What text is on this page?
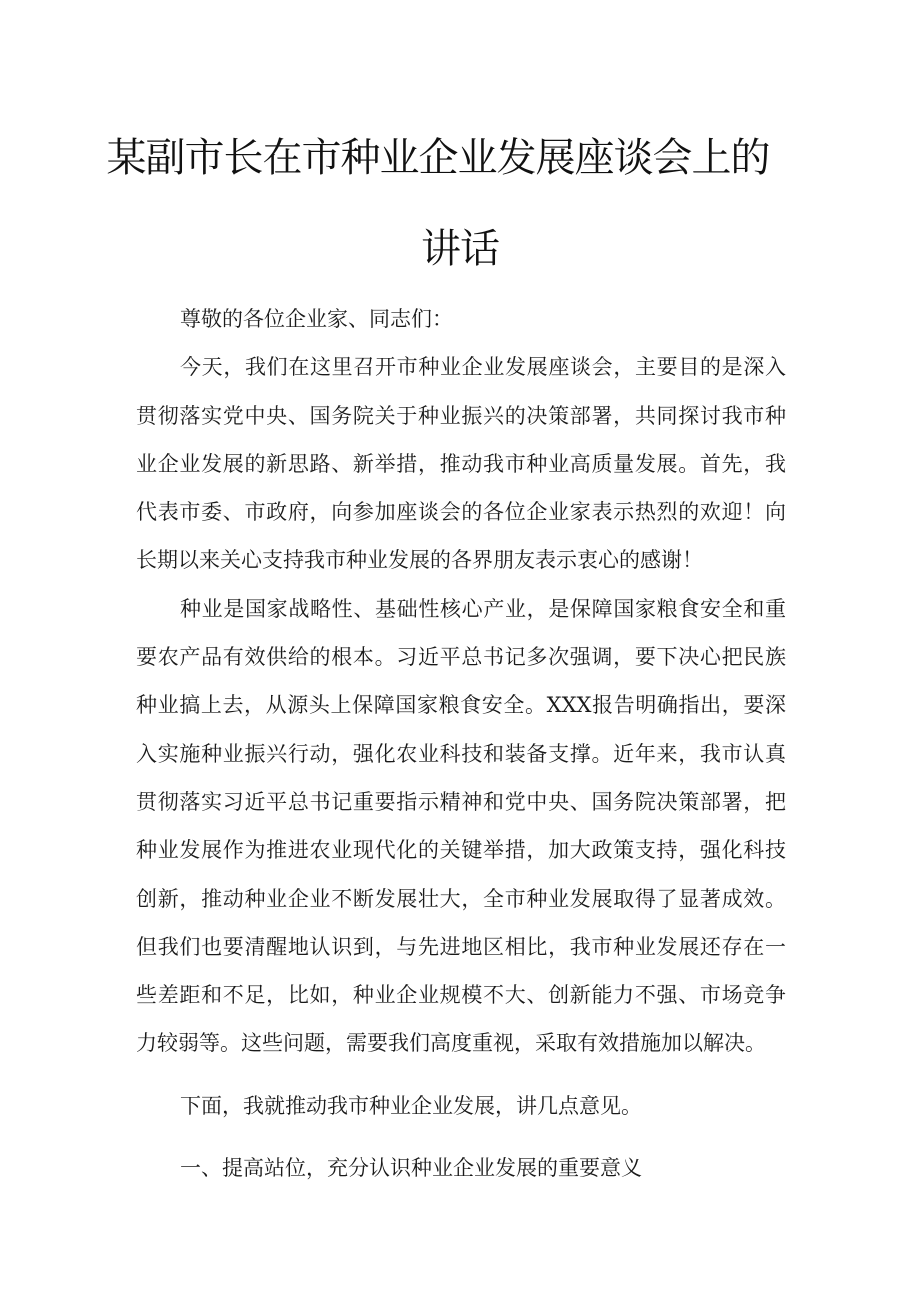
某副市长在市种业企业发展座谈会上的
讲话

尊敬的各位企业家、同志们：

今天，我们在这里召开市种业企业发展座谈会，主要目的是深入贯彻落实党中央、国务院关于种业振兴的决策部署，共同探讨我市种业企业发展的新思路、新举措，推动我市种业高质量发展。首先，我代表市委、市政府，向参加座谈会的各位企业家表示热烈的欢迎！向长期以来关心支持我市种业发展的各界朋友表示衷心的感谢！

种业是国家战略性、基础性核心产业，是保障国家粮食安全和重要农产品有效供给的根本。习近平总书记多次强调，要下决心把民族种业搞上去，从源头上保障国家粮食安全。XXX报告明确指出，要深入实施种业振兴行动，强化农业科技和装备支撑。近年来，我市认真贯彻落实习近平总书记重要指示精神和党中央、国务院决策部署，把种业发展作为推进农业现代化的关键举措，加大政策支持，强化科技创新，推动种业企业不断发展壮大，全市种业发展取得了显著成效。但我们也要清醒地认识到，与先进地区相比，我市种业发展还存在一些差距和不足，比如，种业企业规模不大、创新能力不强、市场竞争力较弱等。这些问题，需要我们高度重视，采取有效措施加以解决。

下面，我就推动我市种业企业发展，讲几点意见。

一、提高站位，充分认识种业企业发展的重要意义
